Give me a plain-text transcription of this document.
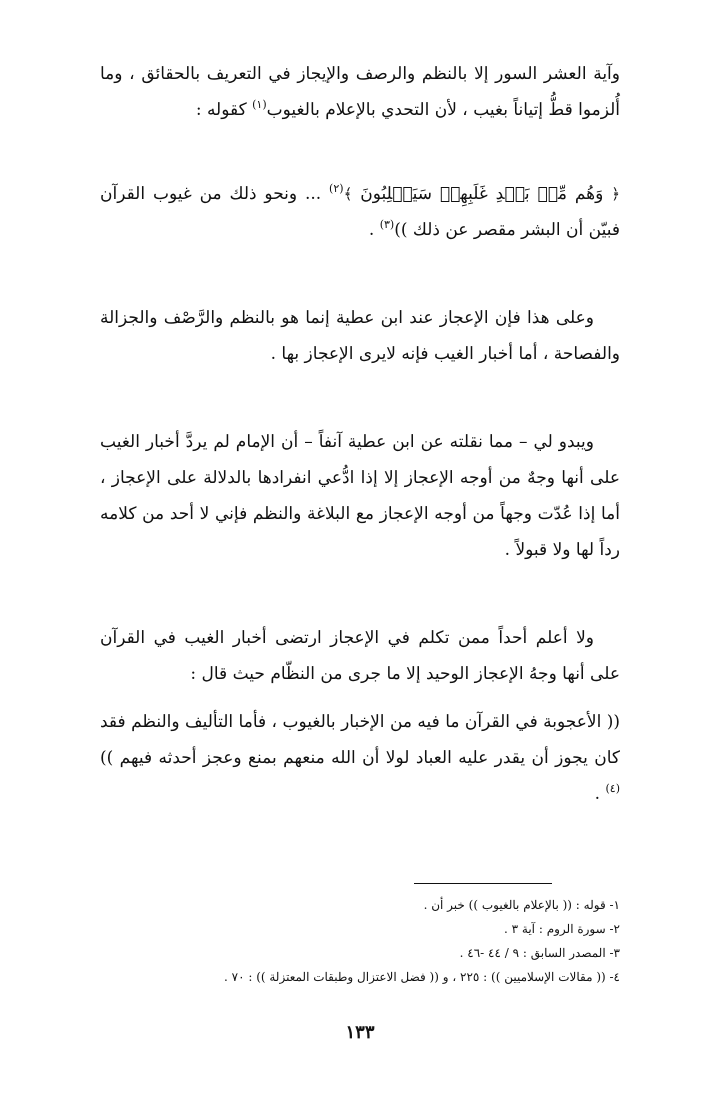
وآية العشر السور إلا بالنظم والرصف والإيجاز في التعريف بالحقائق ، وما أُلزموا قطُّ إتياناً بغيب ، لأن التحدي بالإعلام بالغيوب$^{(١)}$ كقوله :

﴿ وَهُم مِّنۢ بَعۡدِ غَلَبِهِمۡ سَيَغۡلِبُونَ ﴾$^{(٢)}$ ... ونحو ذلك من غيوب القرآن فبيّن أن البشر مقصر عن ذلك ))$^{(٣)}$ .

وعلى هذا فإن الإعجاز عند ابن عطية إنما هو بالنظم والرَّصْف والجزالة والفصاحة ، أما أخبار الغيب فإنه لايرى الإعجاز بها .

ويبدو لي – مما نقلته عن ابن عطية آنفاً – أن الإمام لم يردَّ أخبار الغيب على أنها وجهٌ من أوجه الإعجاز إلا إذا ادُّعي انفرادها بالدلالة على الإعجاز ، أما إذا عُدّت وجهاً من أوجه الإعجاز مع البلاغة والنظم فإني لا أحد من كلامه رداً لها ولا قبولاً .

ولا أعلم أحداً ممن تكلم في الإعجاز ارتضى أخبار الغيب في القرآن على أنها وجهُ الإعجاز الوحيد إلا ما جرى من النظّام حيث قال :

(( الأعجوبة في القرآن ما فيه من الإخبار بالغيوب ، فأما التأليف والنظم فقد كان يجوز أن يقدر عليه العباد لولا أن الله منعهم بمنع وعجز أحدثه فيهم ))$^{(٤)}$ .

١- قوله : (( بالإعلام بالغيوب )) خبر أن .
٢- سورة الروم : آية ٣ .
٣- المصدر السابق : ٩ / ٤٤ -٤٦ .
٤- (( مقالات الإسلاميين )) : ٢٢٥ ، و (( فضل الاعتزال وطبقات المعتزلة )) : ٧٠ .
١٣٣
